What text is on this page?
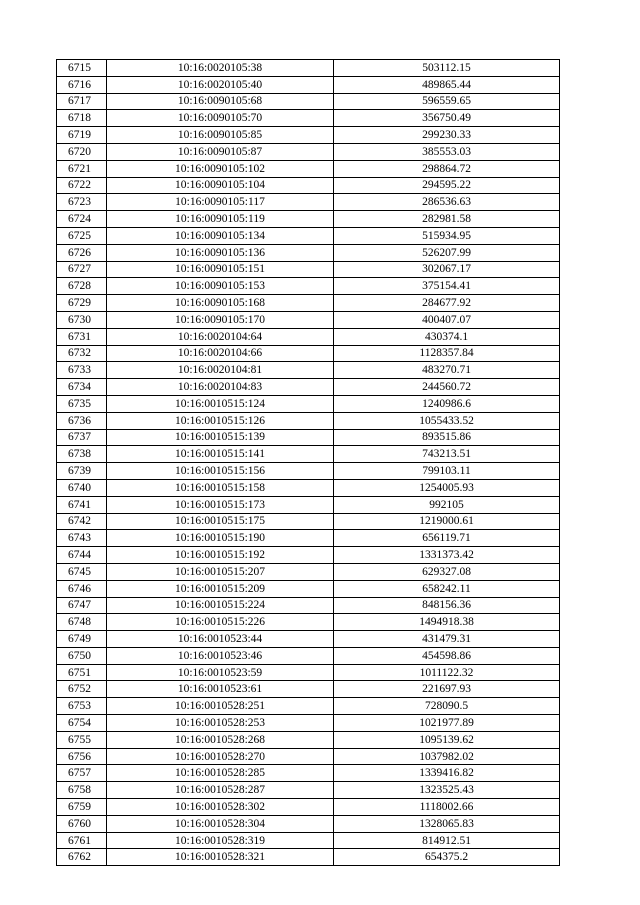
6715	10:16:0020105:38	503112.15
6716	10:16:0020105:40	489865.44
6717	10:16:0090105:68	596559.65
6718	10:16:0090105:70	356750.49
6719	10:16:0090105:85	299230.33
6720	10:16:0090105:87	385553.03
6721	10:16:0090105:102	298864.72
6722	10:16:0090105:104	294595.22
6723	10:16:0090105:117	286536.63
6724	10:16:0090105:119	282981.58
6725	10:16:0090105:134	515934.95
6726	10:16:0090105:136	526207.99
6727	10:16:0090105:151	302067.17
6728	10:16:0090105:153	375154.41
6729	10:16:0090105:168	284677.92
6730	10:16:0090105:170	400407.07
6731	10:16:0020104:64	430374.1
6732	10:16:0020104:66	1128357.84
6733	10:16:0020104:81	483270.71
6734	10:16:0020104:83	244560.72
6735	10:16:0010515:124	1240986.6
6736	10:16:0010515:126	1055433.52
6737	10:16:0010515:139	893515.86
6738	10:16:0010515:141	743213.51
6739	10:16:0010515:156	799103.11
6740	10:16:0010515:158	1254005.93
6741	10:16:0010515:173	992105
6742	10:16:0010515:175	1219000.61
6743	10:16:0010515:190	656119.71
6744	10:16:0010515:192	1331373.42
6745	10:16:0010515:207	629327.08
6746	10:16:0010515:209	658242.11
6747	10:16:0010515:224	848156.36
6748	10:16:0010515:226	1494918.38
6749	10:16:0010523:44	431479.31
6750	10:16:0010523:46	454598.86
6751	10:16:0010523:59	1011122.32
6752	10:16:0010523:61	221697.93
6753	10:16:0010528:251	728090.5
6754	10:16:0010528:253	1021977.89
6755	10:16:0010528:268	1095139.62
6756	10:16:0010528:270	1037982.02
6757	10:16:0010528:285	1339416.82
6758	10:16:0010528:287	1323525.43
6759	10:16:0010528:302	1118002.66
6760	10:16:0010528:304	1328065.83
6761	10:16:0010528:319	814912.51
6762	10:16:0010528:321	654375.2
